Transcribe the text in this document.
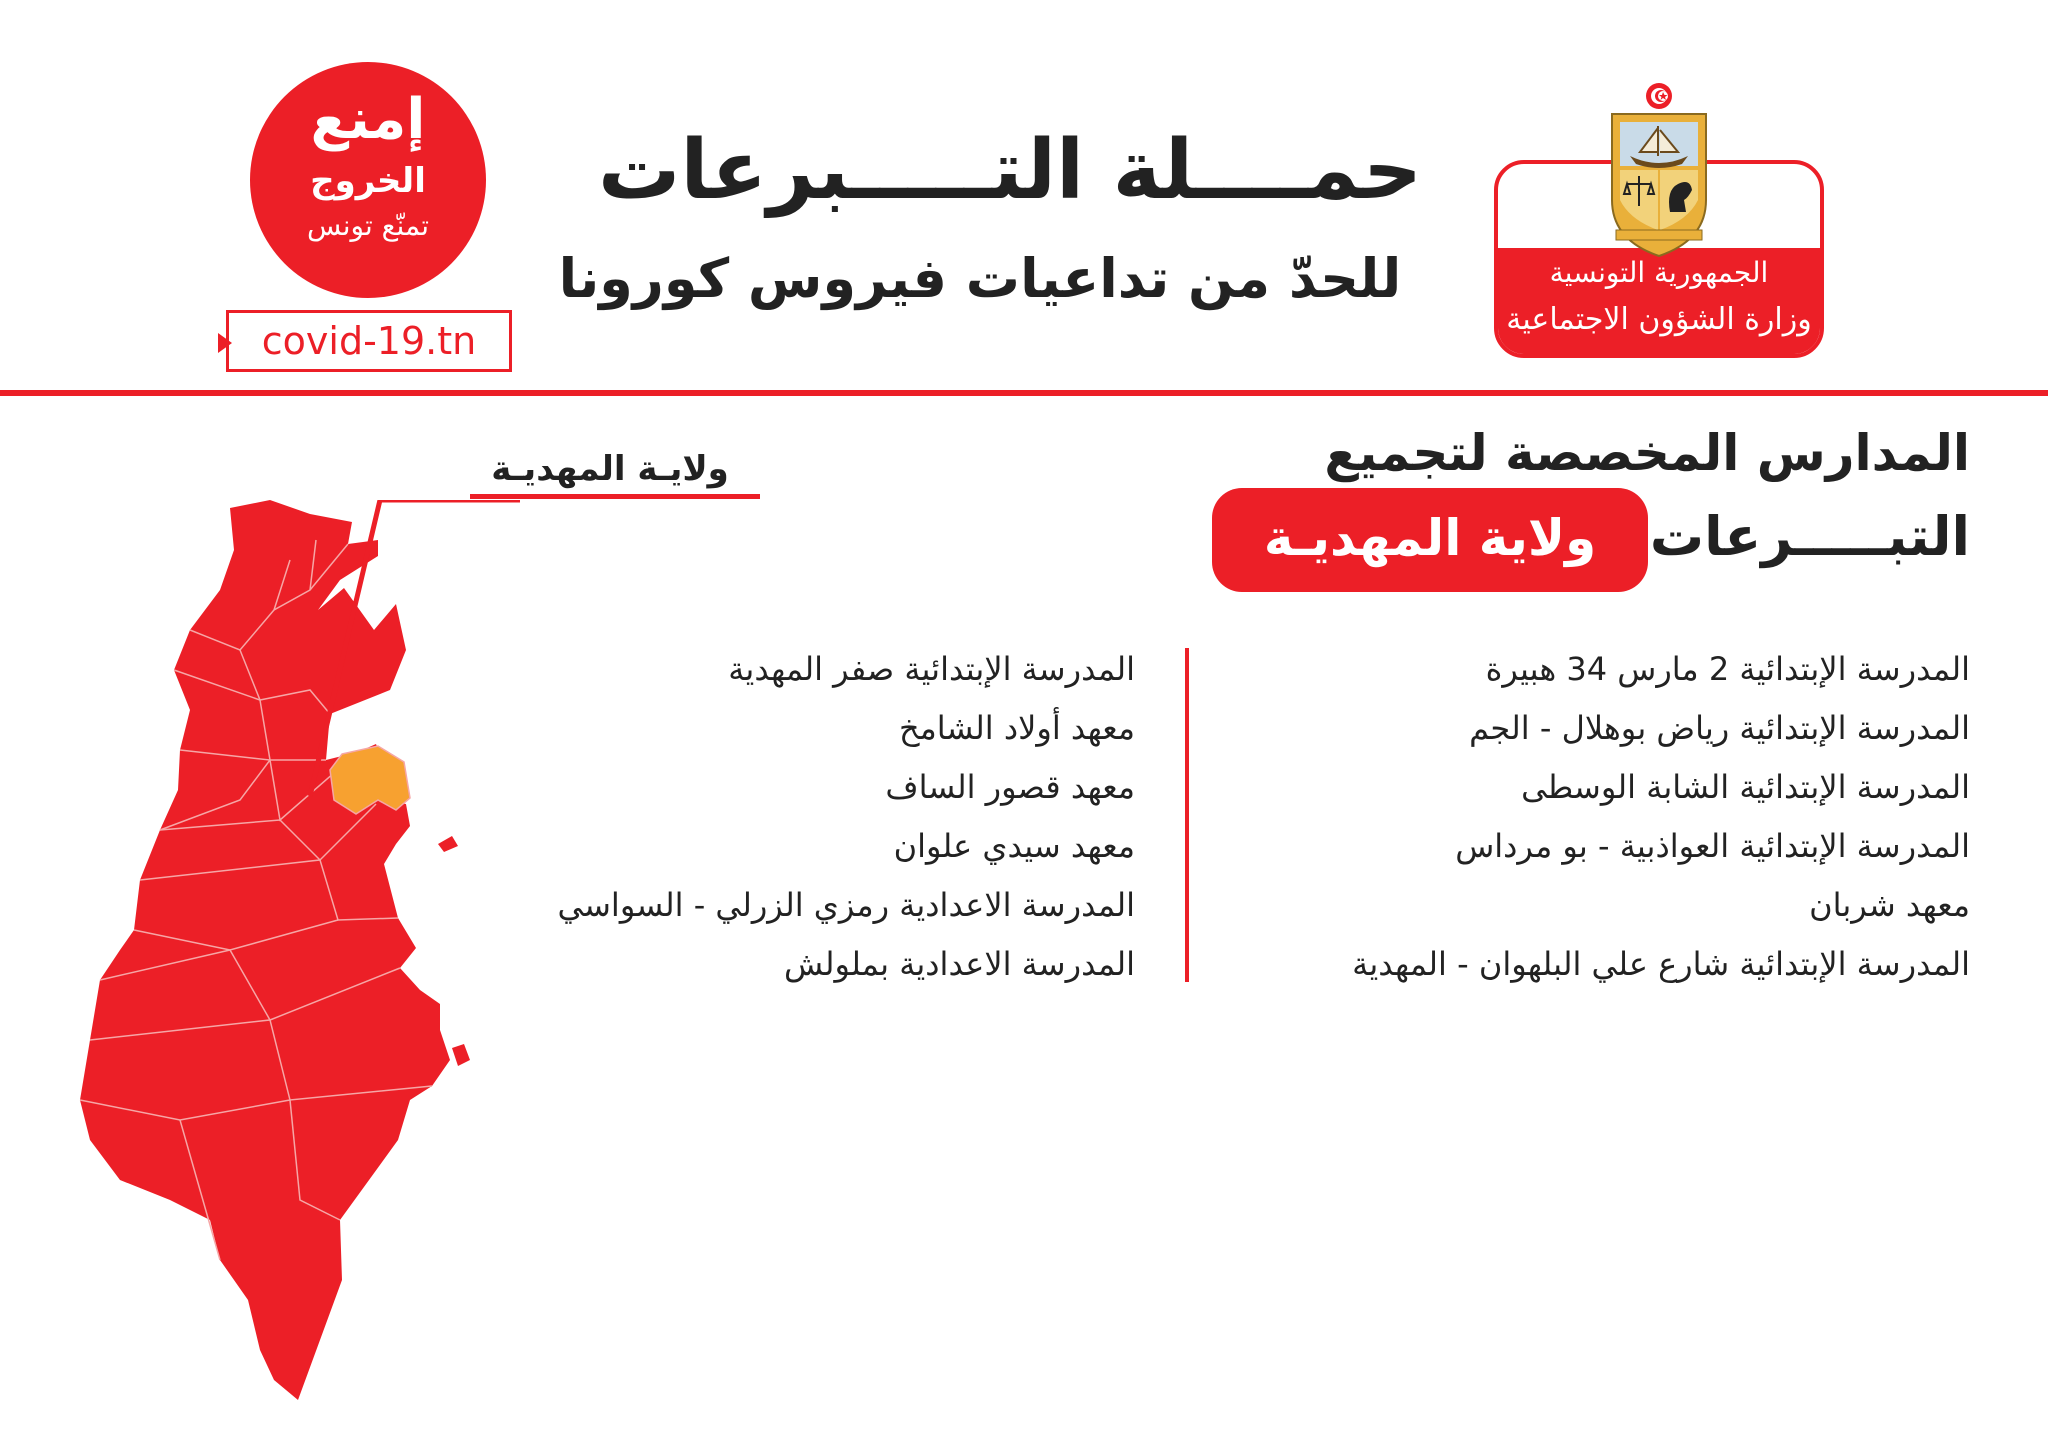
إمنع
الخروج
تمنّع تونس
covid-19.tn
حمــــلة التـــــبرعات
للحدّ من تداعيات فيروس كورونا	الجمهورية التونسية
وزارة الشؤون الاجتماعية
المدارس المخصصة لتجميع
التبـــــرعات
ولاية المهديـة
المدرسة الإبتدائية 2 مارس 34 هبيرة
المدرسة الإبتدائية رياض بوهلال - الجم
المدرسة الإبتدائية الشابة الوسطى
المدرسة الإبتدائية العواذبية - بو مرداس
معهد شربان
المدرسة الإبتدائية شارع علي البلهوان - المهدية
المدرسة الإبتدائية صفر المهدية
معهد أولاد الشامخ
معهد قصور الساف
معهد سيدي علوان
المدرسة الاعدادية رمزي الزرلي - السواسي
المدرسة الاعدادية بملولش
ولايـة المهديـة
